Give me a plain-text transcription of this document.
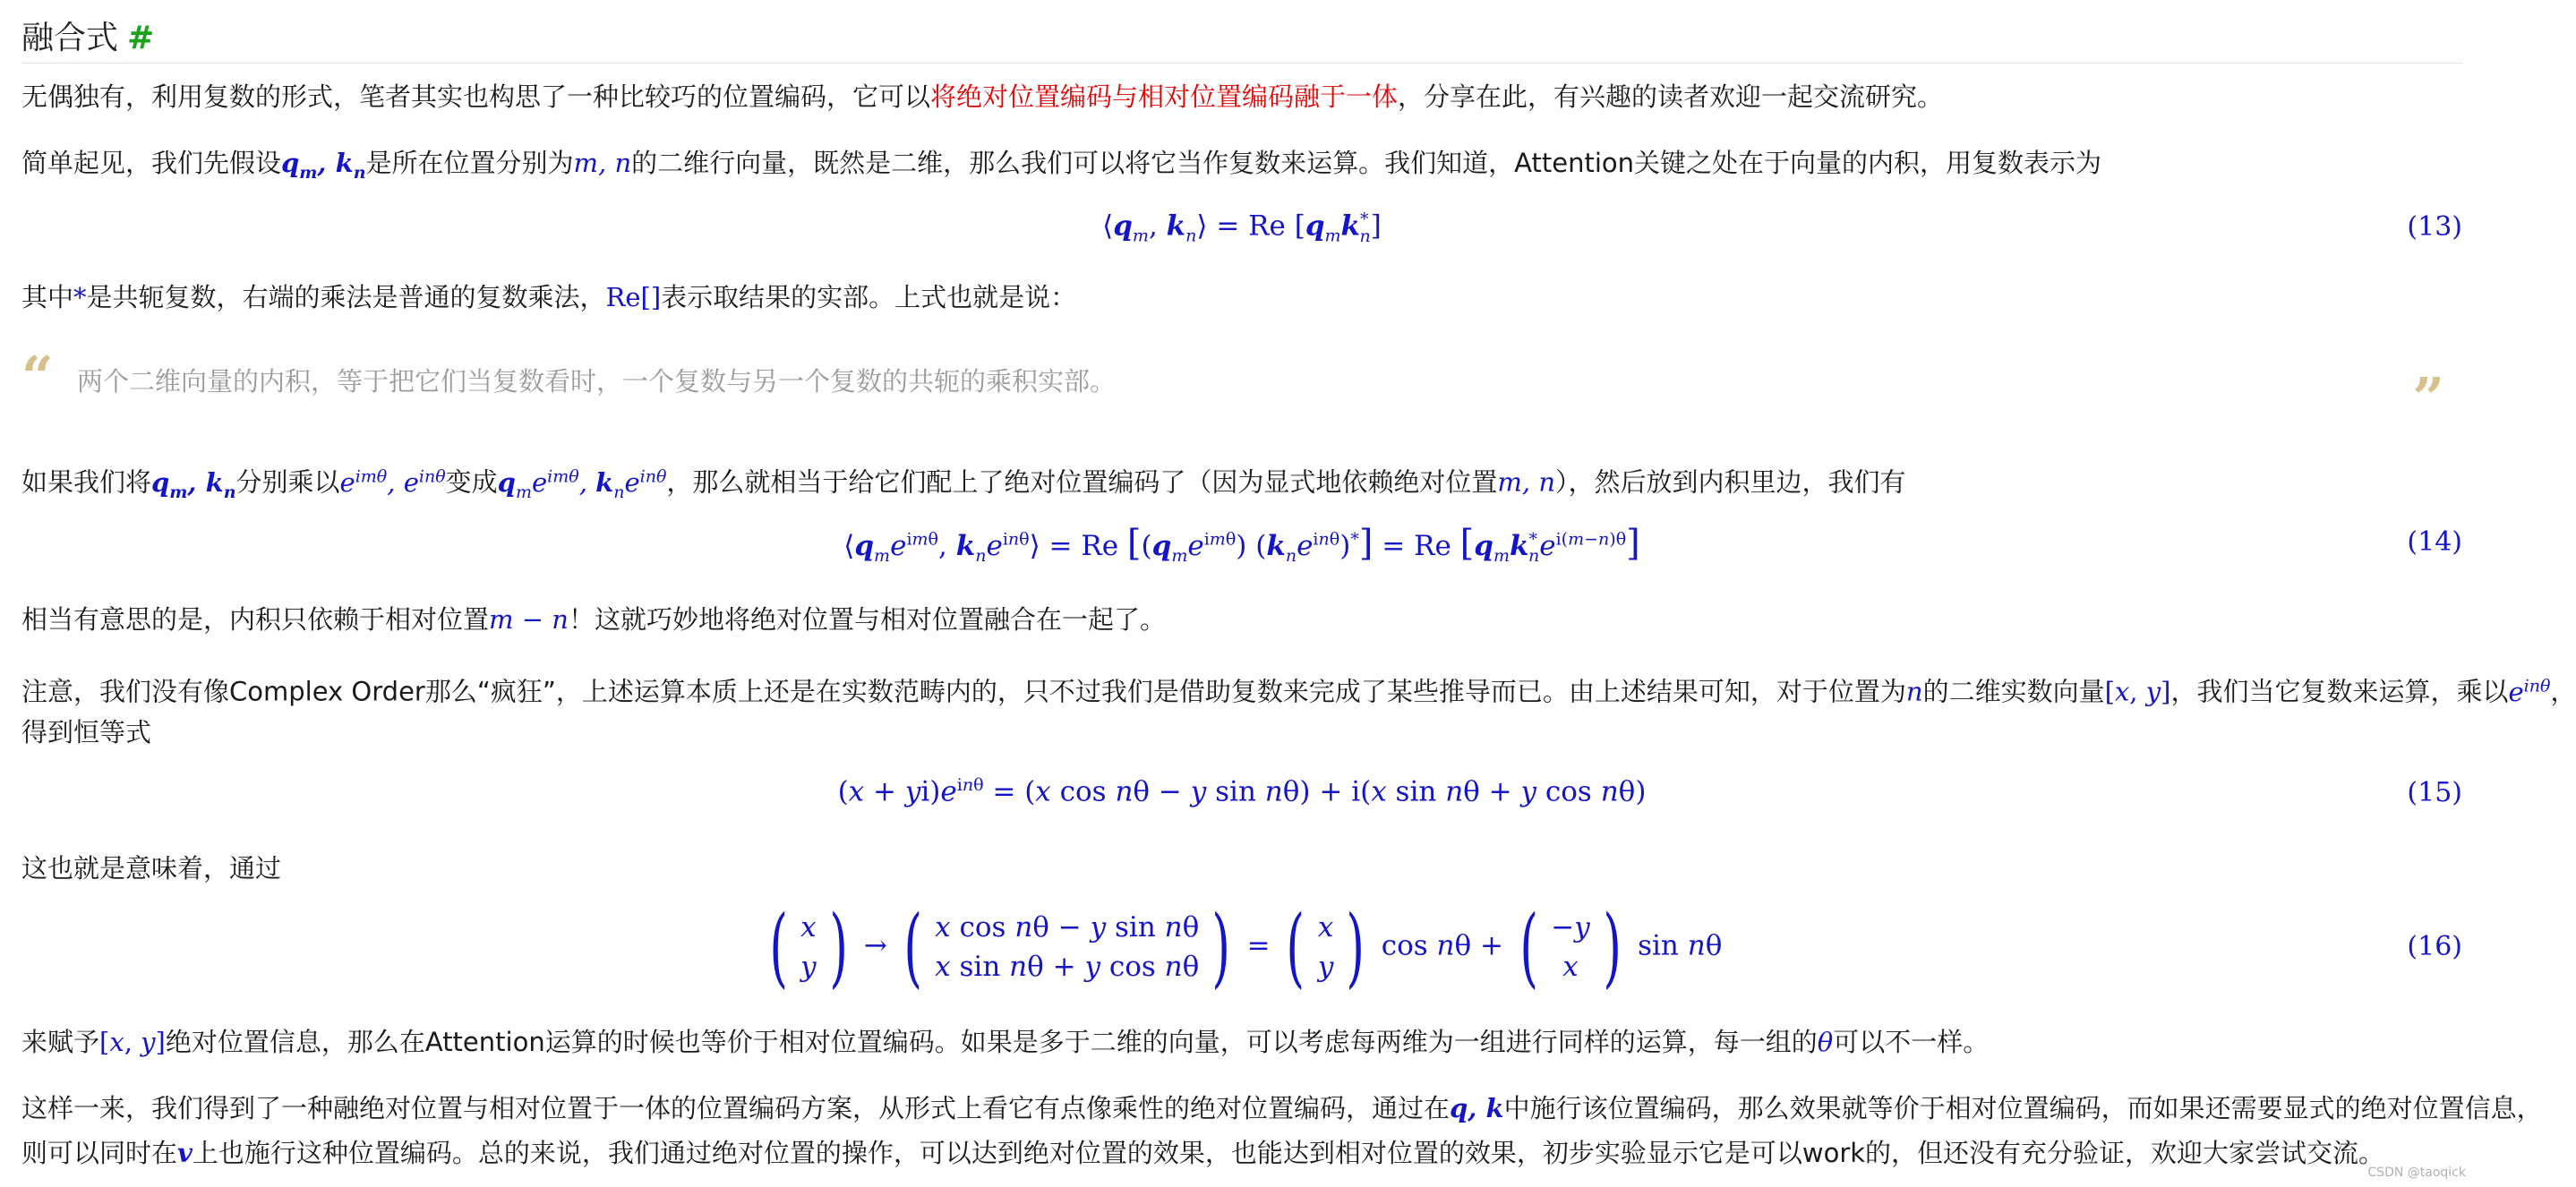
融合式 #
无偶独有，利用复数的形式，笔者其实也构思了一种比较巧的位置编码，它可以将绝对位置编码与相对位置编码融于一体，分享在此，有兴趣的读者欢迎一起交流研究。
简单起见，我们先假设$q_m$, $k_n$是所在位置分别为m, n的二维行向量，既然是二维，那么我们可以将它当作复数来运算。我们知道，Attention关键之处在于向量的内积，用复数表示为
$⟨q_m$, $k_n⟩ = Re$ $[q_mk^*_n]$	(13)
其中*是共轭复数，右端的乘法是普通的复数乘法，Re[]表示取结果的实部。上式也就是说：
“ 两个二维向量的内积，等于把它们当复数看时，一个复数与另一个复数的共轭的乘积实部。	”
如果我们将$q_m$, $k_n$分别乘以$e^{im\theta}$, $e^{in\theta}$变成$q_me^{im\theta}$, $k_ne^{in\theta}$，那么就相当于给它们配上了绝对位置编码了（因为显式地依赖绝对位置m, n），然后放到内积里边，我们有
$⟨q_me^{im\theta}$, $k_ne^{in\theta}⟩ = Re$ $[(q_me^{im\theta}) (k_ne^{in\theta})^*] = Re$ $[q_mk^*_ne^{i(m-n)\theta}]$	(14)
相当有意思的是，内积只依赖于相对位置m − n！这就巧妙地将绝对位置与相对位置融合在一起了。
注意，我们没有像Complex Order那么“疯狂”，上述运算本质上还是在实数范畴内的，只不过我们是借助复数来完成了某些推导而已。由上述结果可知，对于位置为n的二维实数向量[x, y]，我们当它复数来运算，乘以$e^{in\theta}$，
得到恒等式
$(x + yi)e^{in\theta} = (x$ cos nθ − y sin nθ) + i(x sin nθ + y cos nθ)	(15)
这也就是意味着，通过
( x
y ) → ( x cos nθ − y sin nθ
x sin nθ + y cos nθ ) = ( x
y ) cos nθ + ( −y
x ) sin nθ	(16)
来赋予[x, y]绝对位置信息，那么在Attention运算的时候也等价于相对位置编码。如果是多于二维的向量，可以考虑每两维为一组进行同样的运算，每一组的θ可以不一样。
这样一来，我们得到了一种融绝对位置与相对位置于一体的位置编码方案，从形式上看它有点像乘性的绝对位置编码，通过在q, k中施行该位置编码，那么效果就等价于相对位置编码，而如果还需要显式的绝对位置信息，
则可以同时在v上也施行这种位置编码。总的来说，我们通过绝对位置的操作，可以达到绝对位置的效果，也能达到相对位置的效果，初步实验显示它是可以work的，但还没有充分验证，欢迎大家尝试交流。
CSDN @taoqick
